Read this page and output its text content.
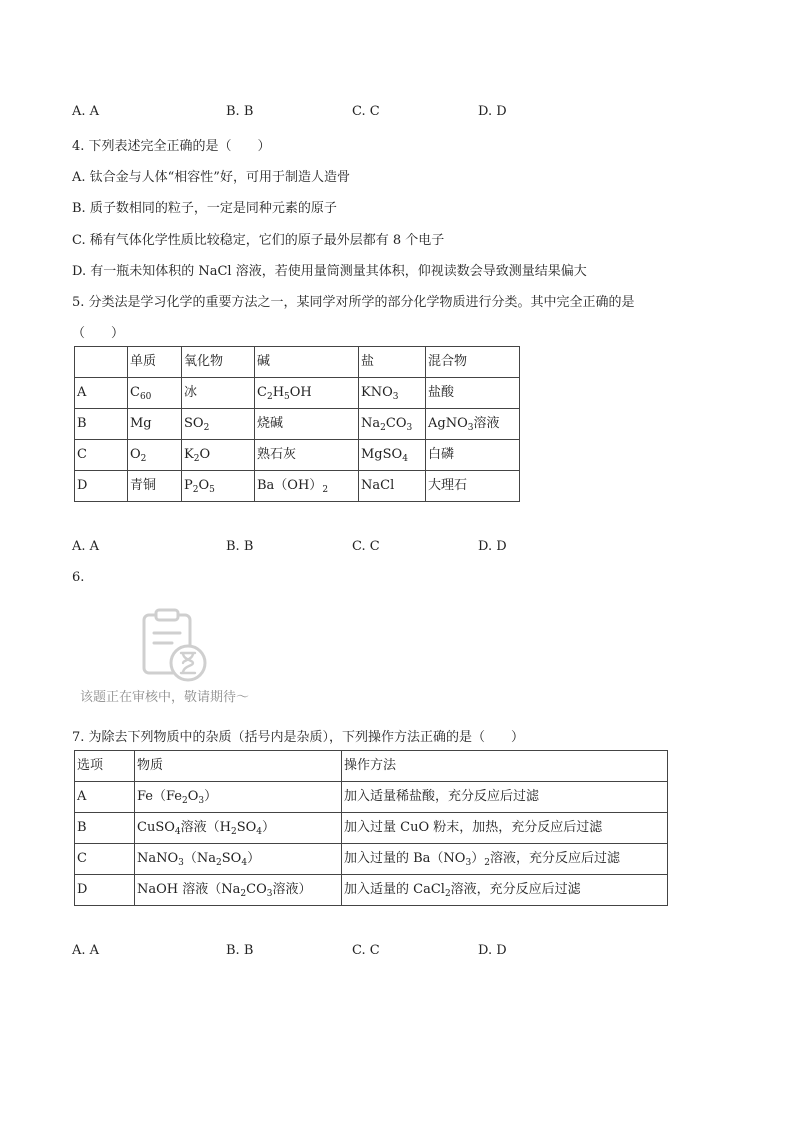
A. A	B. B	C. C	D. D
4. 下列表述完全正确的是（　　）
A. 钛合金与人体“相容性”好，可用于制造人造骨
B. 质子数相同的粒子，一定是同种元素的原子
C. 稀有气体化学性质比较稳定，它们的原子最外层都有 8 个电子
D. 有一瓶未知体积的 NaCl 溶液，若使用量筒测量其体积，仰视读数会导致测量结果偏大
5. 分类法是学习化学的重要方法之一，某同学对所学的部分化学物质进行分类。其中完全正确的是
（　　）
	单质	氧化物	碱	盐	混合物
A	$C_{60}$	冰	$C_2H_5OH$	$KNO_3$	盐酸
B	Mg	$SO_2$	烧碱	$Na_2CO_3$	AgNO$_3$溶液
C	$O_2$	$K_2O$	熟石灰	MgSO$_4$	白磷
D	青铜	$P_2O_5$	$Ba(OH)_2$	NaCl	大理石
A. A	B. B	C. C	D. D
6.
该题正在审核中，敬请期待～
7. 为除去下列物质中的杂质（括号内是杂质），下列操作方法正确的是（　　）
选项	物质	操作方法
A	$Fe(Fe_2O_3)$	加入适量稀盐酸，充分反应后过滤
B	CuSO$_4$溶液$(H_2SO_4)$	加入过量 CuO 粉末，加热，充分反应后过滤
C	$NaNO_3(Na_2SO_4)$	加入过量的 $Ba(NO_3)_2$溶液，充分反应后过滤
D	NaOH 溶液（$Na_2CO_3$溶液）	加入适量的 CaCl$_2$溶液，充分反应后过滤
A. A	B. B	C. C	D. D
